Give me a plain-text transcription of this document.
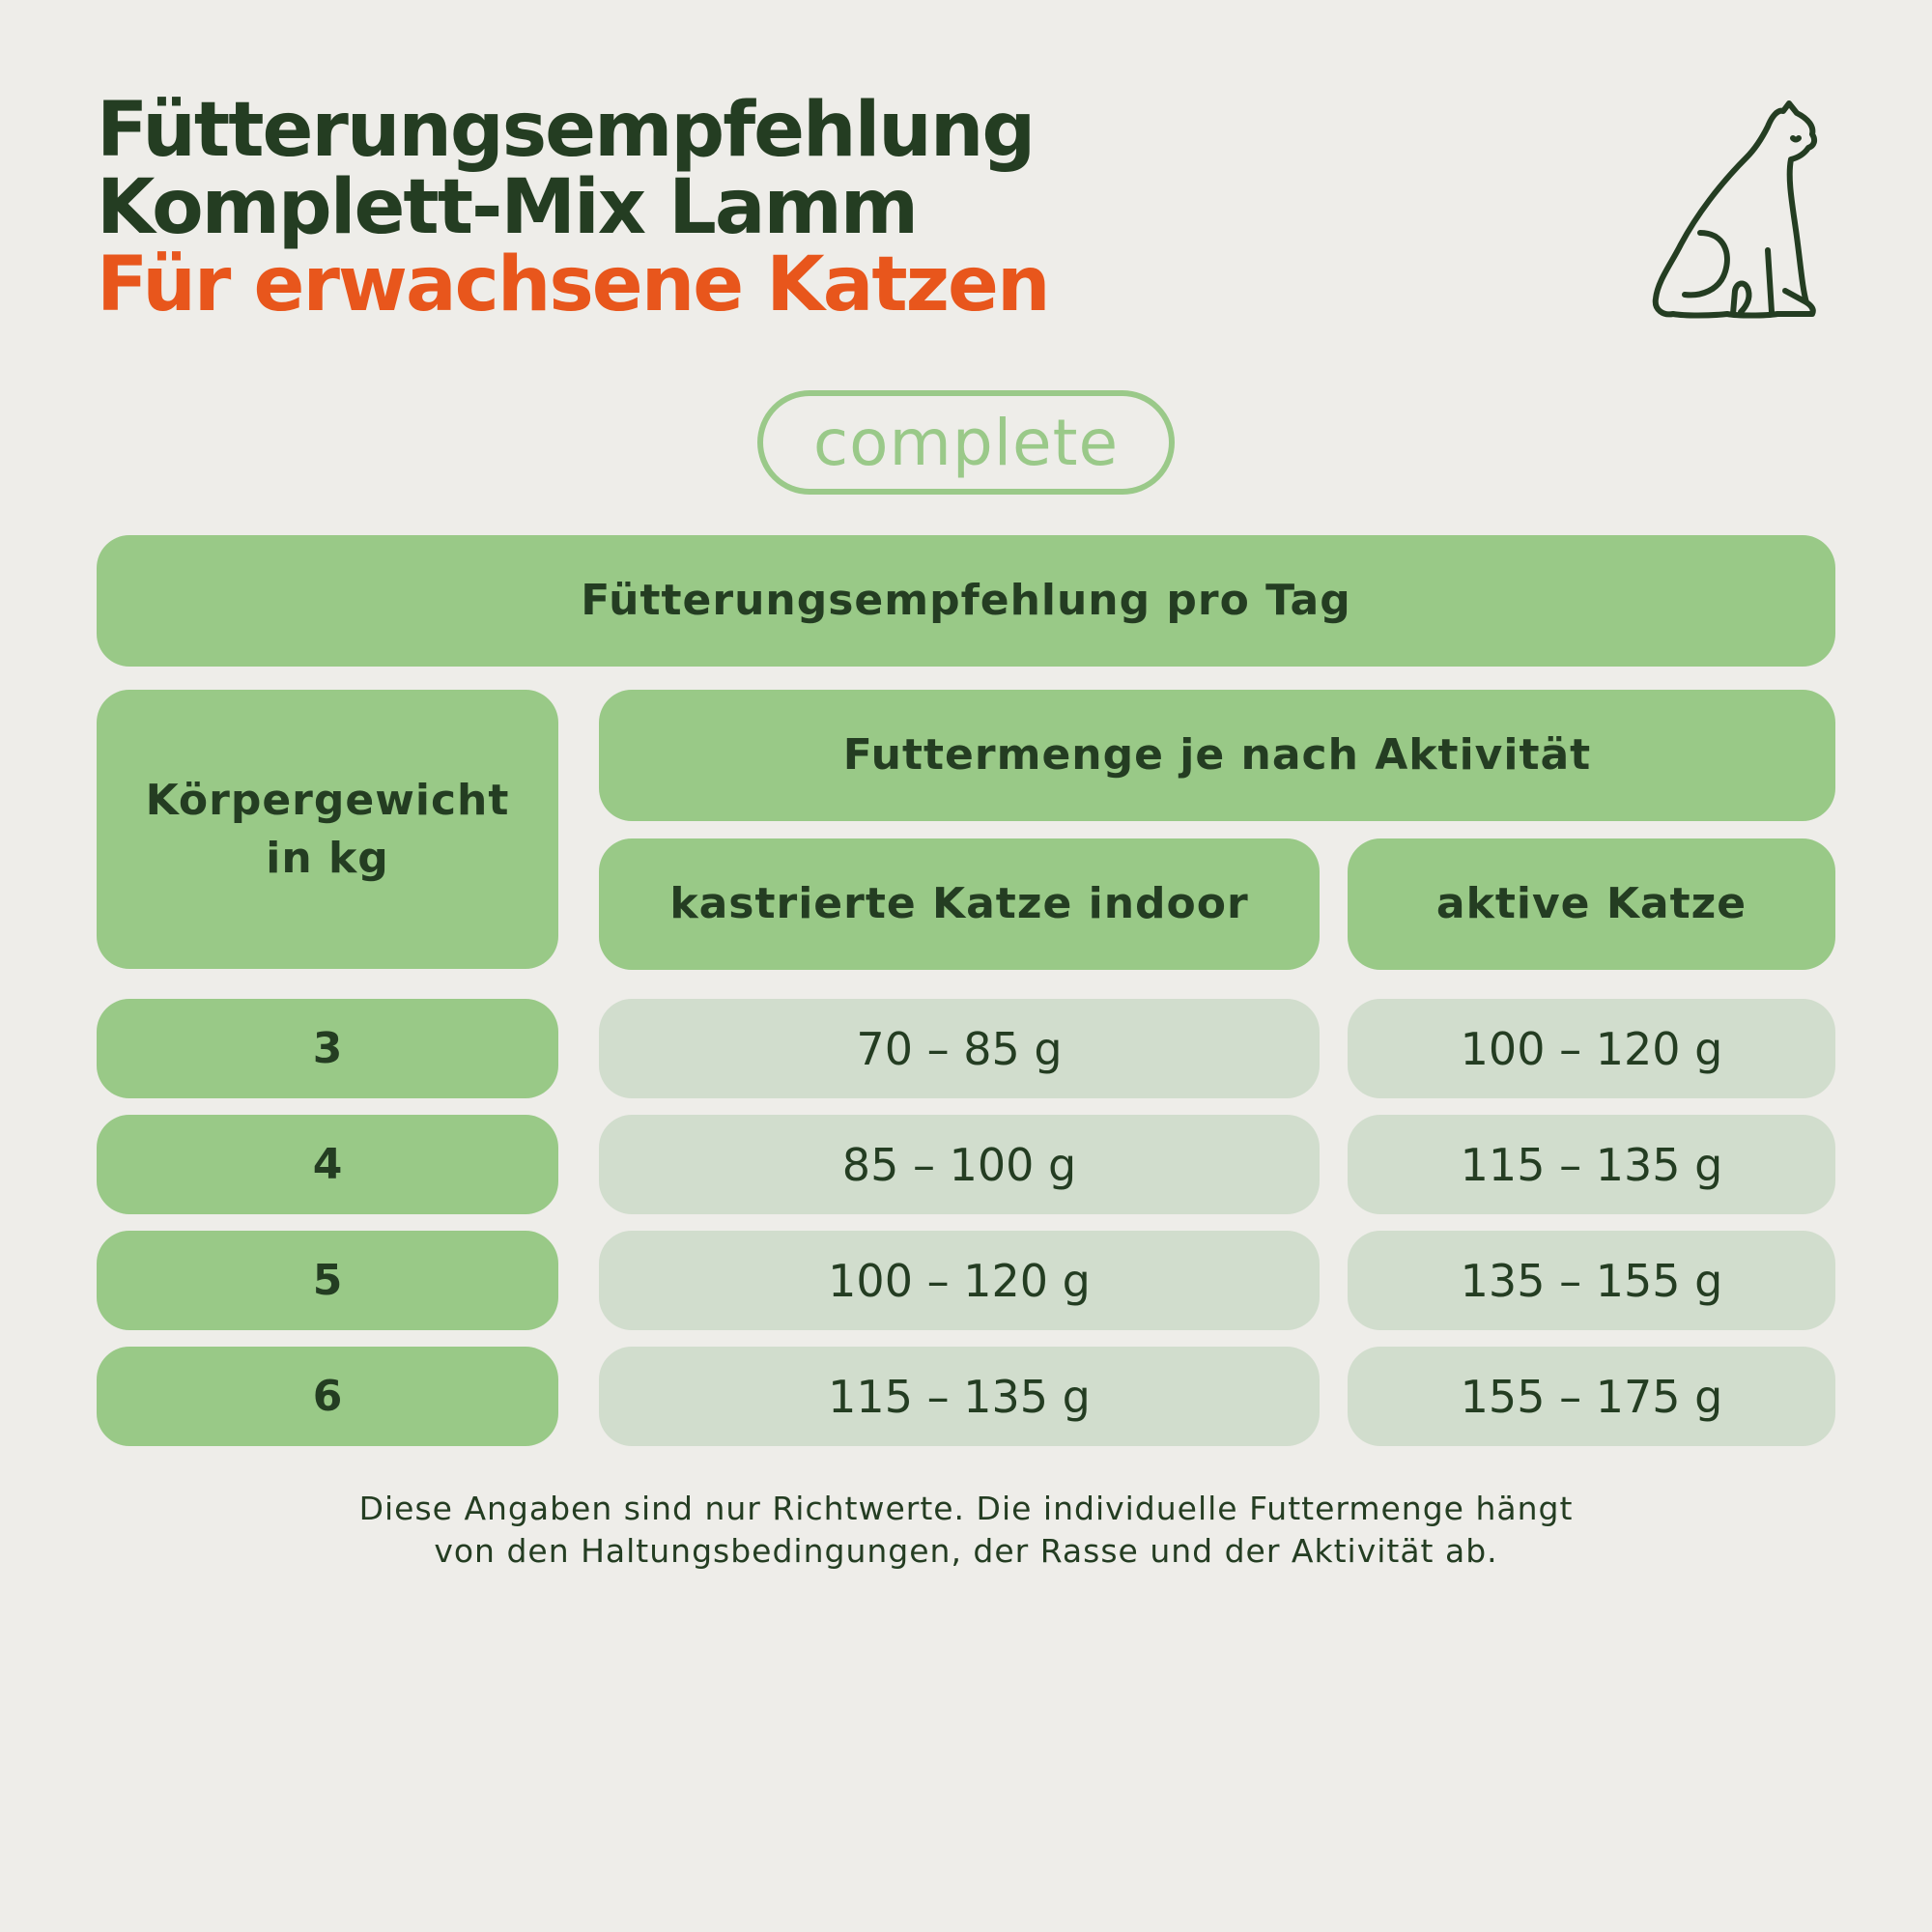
Fütterungsempfehlung
Komplett-Mix Lamm
Für erwachsene Katzen
complete
Fütterungsempfehlung pro Tag
Körpergewicht in kg
Futtermenge je nach Aktivität
kastrierte Katze indoor	aktive Katze
3	70 – 85 g	100 – 120 g
4	85 – 100 g	115 – 135 g
5	100 – 120 g	135 – 155 g
6	115 – 135 g	155 – 175 g
Diese Angaben sind nur Richtwerte. Die individuelle Futtermenge hängt
von den Haltungsbedingungen, der Rasse und der Aktivität ab.
